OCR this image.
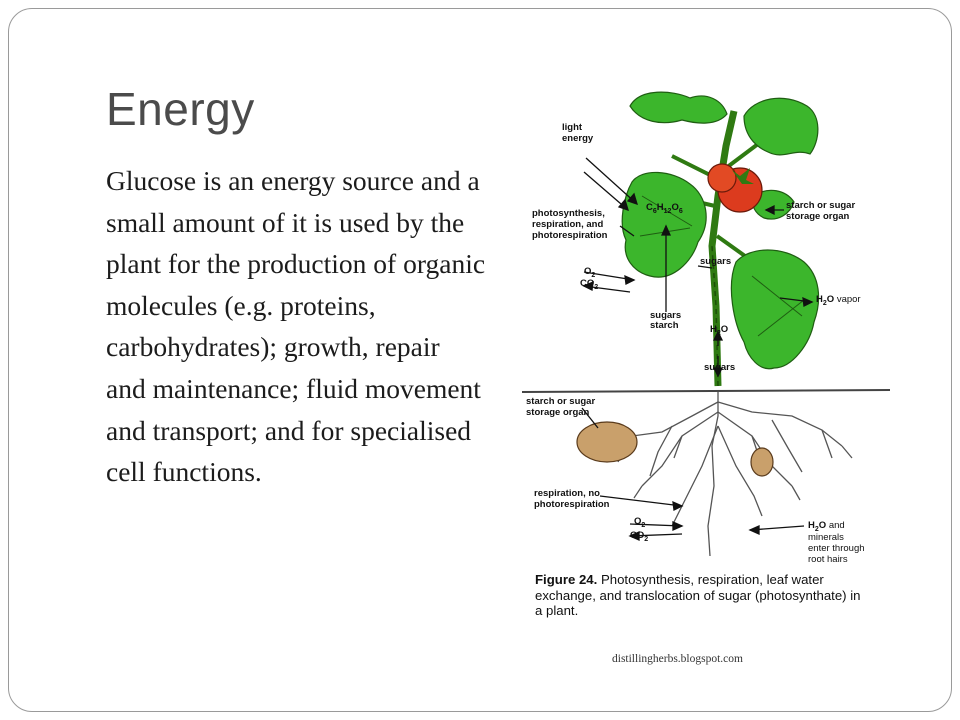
Energy

Glucose is an energy source and a small amount of it is used by the plant for the production of organic molecules (e.g. proteins, carbohydrates); growth, repair and maintenance; fluid movement and transport; and for specialised cell functions.

light
energy
photosynthesis,
respiration, and
photorespiration
$O_2$
$CO_2$
$C_6H_{12}O_6$
sugars
starch
sugars
$H_2O$
sugars
starch or sugar
storage organ
$H_2O$ vapor
starch or sugar
storage organ
respiration, no
photorespiration
$O_2$
$CO_2$
$H_2O$ and
minerals
enter through
root hairs

Figure 24. Photosynthesis, respiration, leaf water exchange, and translocation of sugar (photosynthate) in a plant.

distillingherbs.blogspot.com
